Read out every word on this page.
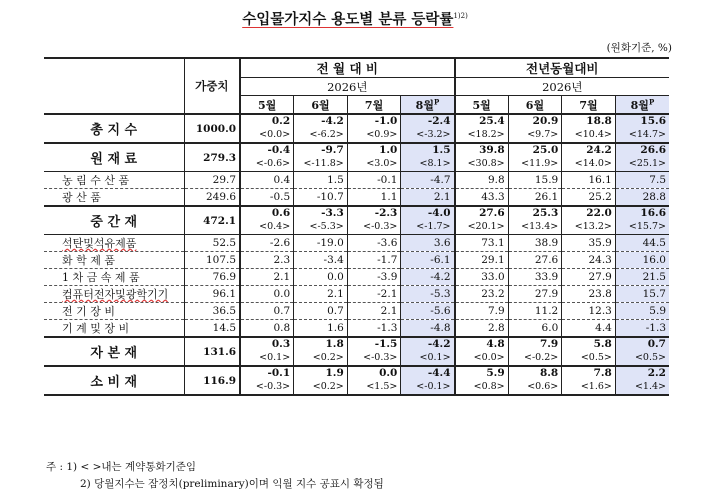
수입물가지수 용도별 분류 등락률$^{1)2)}$
(원화기준, %)
	가중치	전 월 대 비				전년동월대비			
		2026년				2026년			
		5월	6월	7월	8월$^P$	5월	6월	7월	8월$^P$
총 지 수	1000.0	0.2	-4.2	-1.0	-2.4	25.4	20.9	18.8	15.6
		<0.0>	<-6.2>	<0.9>	<-3.2>	<18.2>	<9.7>	<10.4>	<14.7>
원 재 료	279.3	-0.4	-9.7	1.0	1.5	39.8	25.0	24.2	26.6
		<-0.6>	<-11.8>	<3.0>	<8.1>	<30.8>	<11.9>	<14.0>	<25.1>
농 림 수 산 품	29.7	0.4	1.5	-0.1	-4.7	9.8	15.9	16.1	7.5
광 산 품	249.6	-0.5	-10.7	1.1	2.1	43.3	26.1	25.2	28.8
중 간 재	472.1	0.6	-3.3	-2.3	-4.0	27.6	25.3	22.0	16.6
		<0.4>	<-5.3>	<-0.3>	<-1.7>	<20.1>	<13.4>	<13.2>	<15.7>
석탄및석유제품	52.5	-2.6	-19.0	-3.6	3.6	73.1	38.9	35.9	44.5
화 학 제 품	107.5	2.3	-3.4	-1.7	-6.1	29.1	27.6	24.3	16.0
1 차 금 속 제 품	76.9	2.1	0.0	-3.9	-4.2	33.0	33.9	27.9	21.5
컴퓨터전자및광학기기	96.1	0.0	2.1	-2.1	-5.3	23.2	27.9	23.8	15.7
전 기 장 비	36.5	0.7	0.7	2.1	-5.6	7.9	11.2	12.3	5.9
기 계 및 장 비	14.5	0.8	1.6	-1.3	-4.8	2.8	6.0	4.4	-1.3
자 본 재	131.6	0.3	1.8	-1.5	-4.2	4.8	7.9	5.8	0.7
		<0.1>	<0.2>	<-0.3>	<0.1>	<0.0>	<-0.2>	<0.5>	<0.5>
소 비 재	116.9	-0.1	1.9	0.0	-4.4	5.9	8.8	7.8	2.2
		<-0.3>	<0.2>	<1.5>	<-0.1>	<0.8>	<0.6>	<1.6>	<1.4>
주 : 1) < >내는 계약통화기준임
2) 당월지수는 잠정치(preliminary)이며 익월 지수 공표시 확정됨
